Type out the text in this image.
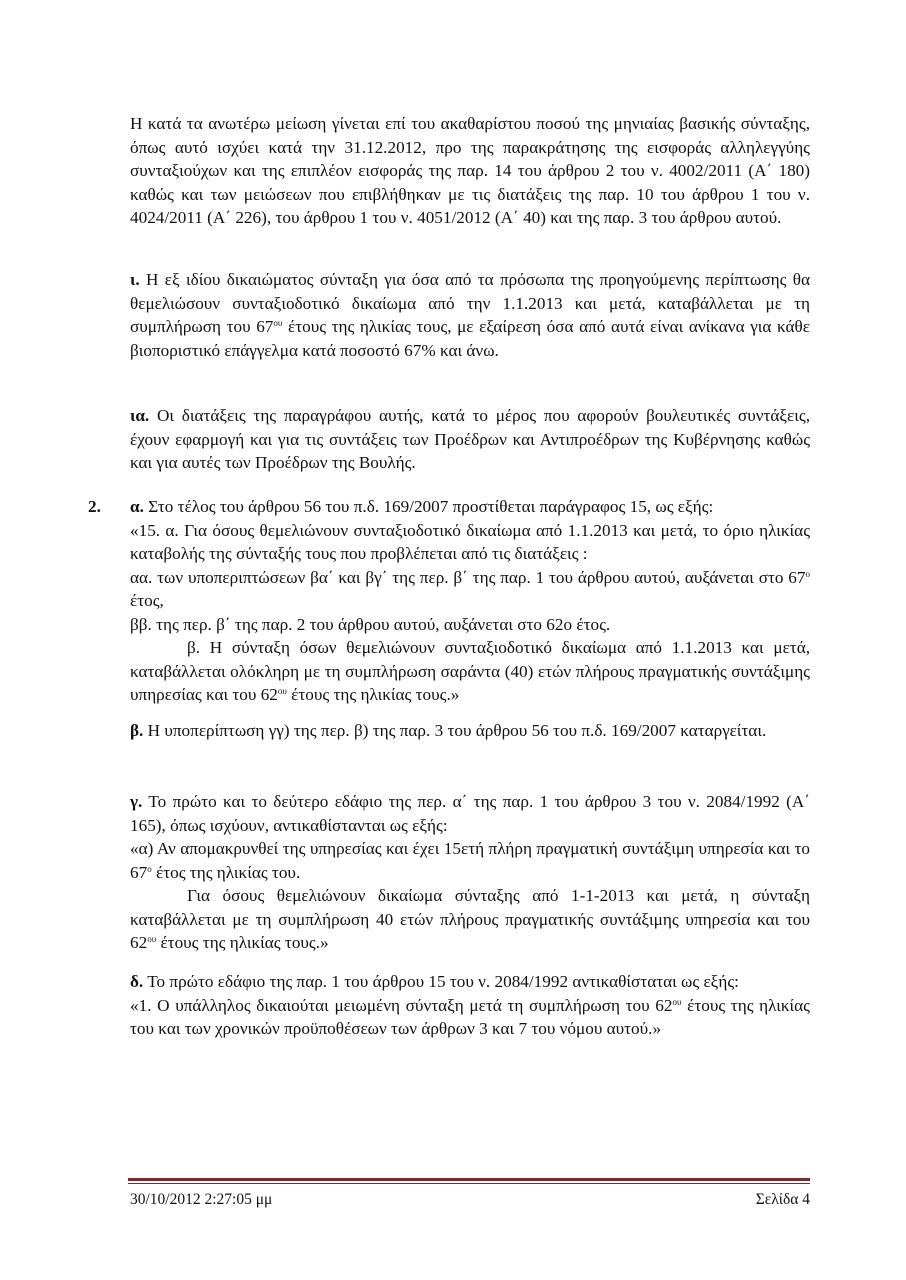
Η κατά τα ανωτέρω μείωση γίνεται επί του ακαθαρίστου ποσού της μηνιαίας βασικής σύνταξης, όπως αυτό ισχύει κατά την 31.12.2012, προ της παρακράτησης της εισφοράς αλληλεγγύης συνταξιούχων και της επιπλέον εισφοράς της παρ. 14 του άρθρου 2 του ν. 4002/2011 (Α΄ 180) καθώς και των μειώσεων που επιβλήθηκαν με τις διατάξεις της παρ. 10 του άρθρου 1 του ν. 4024/2011 (Α΄ 226), του άρθρου 1 του ν. 4051/2012 (Α΄ 40) και της παρ. 3 του άρθρου αυτού.

ι. Η εξ ιδίου δικαιώματος σύνταξη για όσα από τα πρόσωπα της προηγούμενης περίπτωσης θα θεμελιώσουν συνταξιοδοτικό δικαίωμα από την 1.1.2013 και μετά, καταβάλλεται με τη συμπλήρωση του $67^{o\upsilon}$ έτους της ηλικίας τους, με εξαίρεση όσα από αυτά είναι ανίκανα για κάθε βιοποριστικό επάγγελμα κατά ποσοστό 67% και άνω.

ια. Οι διατάξεις της παραγράφου αυτής, κατά το μέρος που αφορούν βουλευτικές συντάξεις, έχουν εφαρμογή και για τις συντάξεις των Προέδρων και Αντιπροέδρων της Κυβέρνησης καθώς και για αυτές των Προέδρων της Βουλής.

2. α. Στο τέλος του άρθρου 56 του π.δ. 169/2007 προστίθεται παράγραφος 15, ως εξής:

«15. α. Για όσους θεμελιώνουν συνταξιοδοτικό δικαίωμα από 1.1.2013 και μετά, το όριο ηλικίας καταβολής της σύνταξής τους που προβλέπεται από τις διατάξεις :

αα. των υποπεριπτώσεων βα΄ και βγ΄ της περ. β΄ της παρ. 1 του άρθρου αυτού, αυξάνεται στο $67^o$ έτος,

ββ. της περ. β΄ της παρ. 2 του άρθρου αυτού, αυξάνεται στο 62ο έτος.

β. Η σύνταξη όσων θεμελιώνουν συνταξιοδοτικό δικαίωμα από 1.1.2013 και μετά, καταβάλλεται ολόκληρη με τη συμπλήρωση σαράντα (40) ετών πλήρους πραγματικής συντάξιμης υπηρεσίας και του $62^{o\upsilon}$ έτους της ηλικίας τους.»

β. Η υποπερίπτωση γγ) της περ. β) της παρ. 3 του άρθρου 56 του π.δ. 169/2007 καταργείται.

γ. Το πρώτο και το δεύτερο εδάφιο της περ. α΄ της παρ. 1 του άρθρου 3 του ν. 2084/1992 (Α΄ 165), όπως ισχύουν, αντικαθίστανται ως εξής:

«α) Αν απομακρυνθεί της υπηρεσίας και έχει 15ετή πλήρη πραγματική συντάξιμη υπηρεσία και το $67^o$ έτος της ηλικίας του.

Για όσους θεμελιώνουν δικαίωμα σύνταξης από 1-1-2013 και μετά, η σύνταξη καταβάλλεται με τη συμπλήρωση 40 ετών πλήρους πραγματικής συντάξιμης υπηρεσία και του $62^{o\upsilon}$ έτους της ηλικίας τους.»

δ. Το πρώτο εδάφιο της παρ. 1 του άρθρου 15 του ν. 2084/1992 αντικαθίσταται ως εξής:

«1. Ο υπάλληλος δικαιούται μειωμένη σύνταξη μετά τη συμπλήρωση του $62^{o\upsilon}$ έτους της ηλικίας του και των χρονικών προϋποθέσεων των άρθρων 3 και 7 του νόμου αυτού.»

30/10/2012 2:27:05 μμ	Σελίδα 4
